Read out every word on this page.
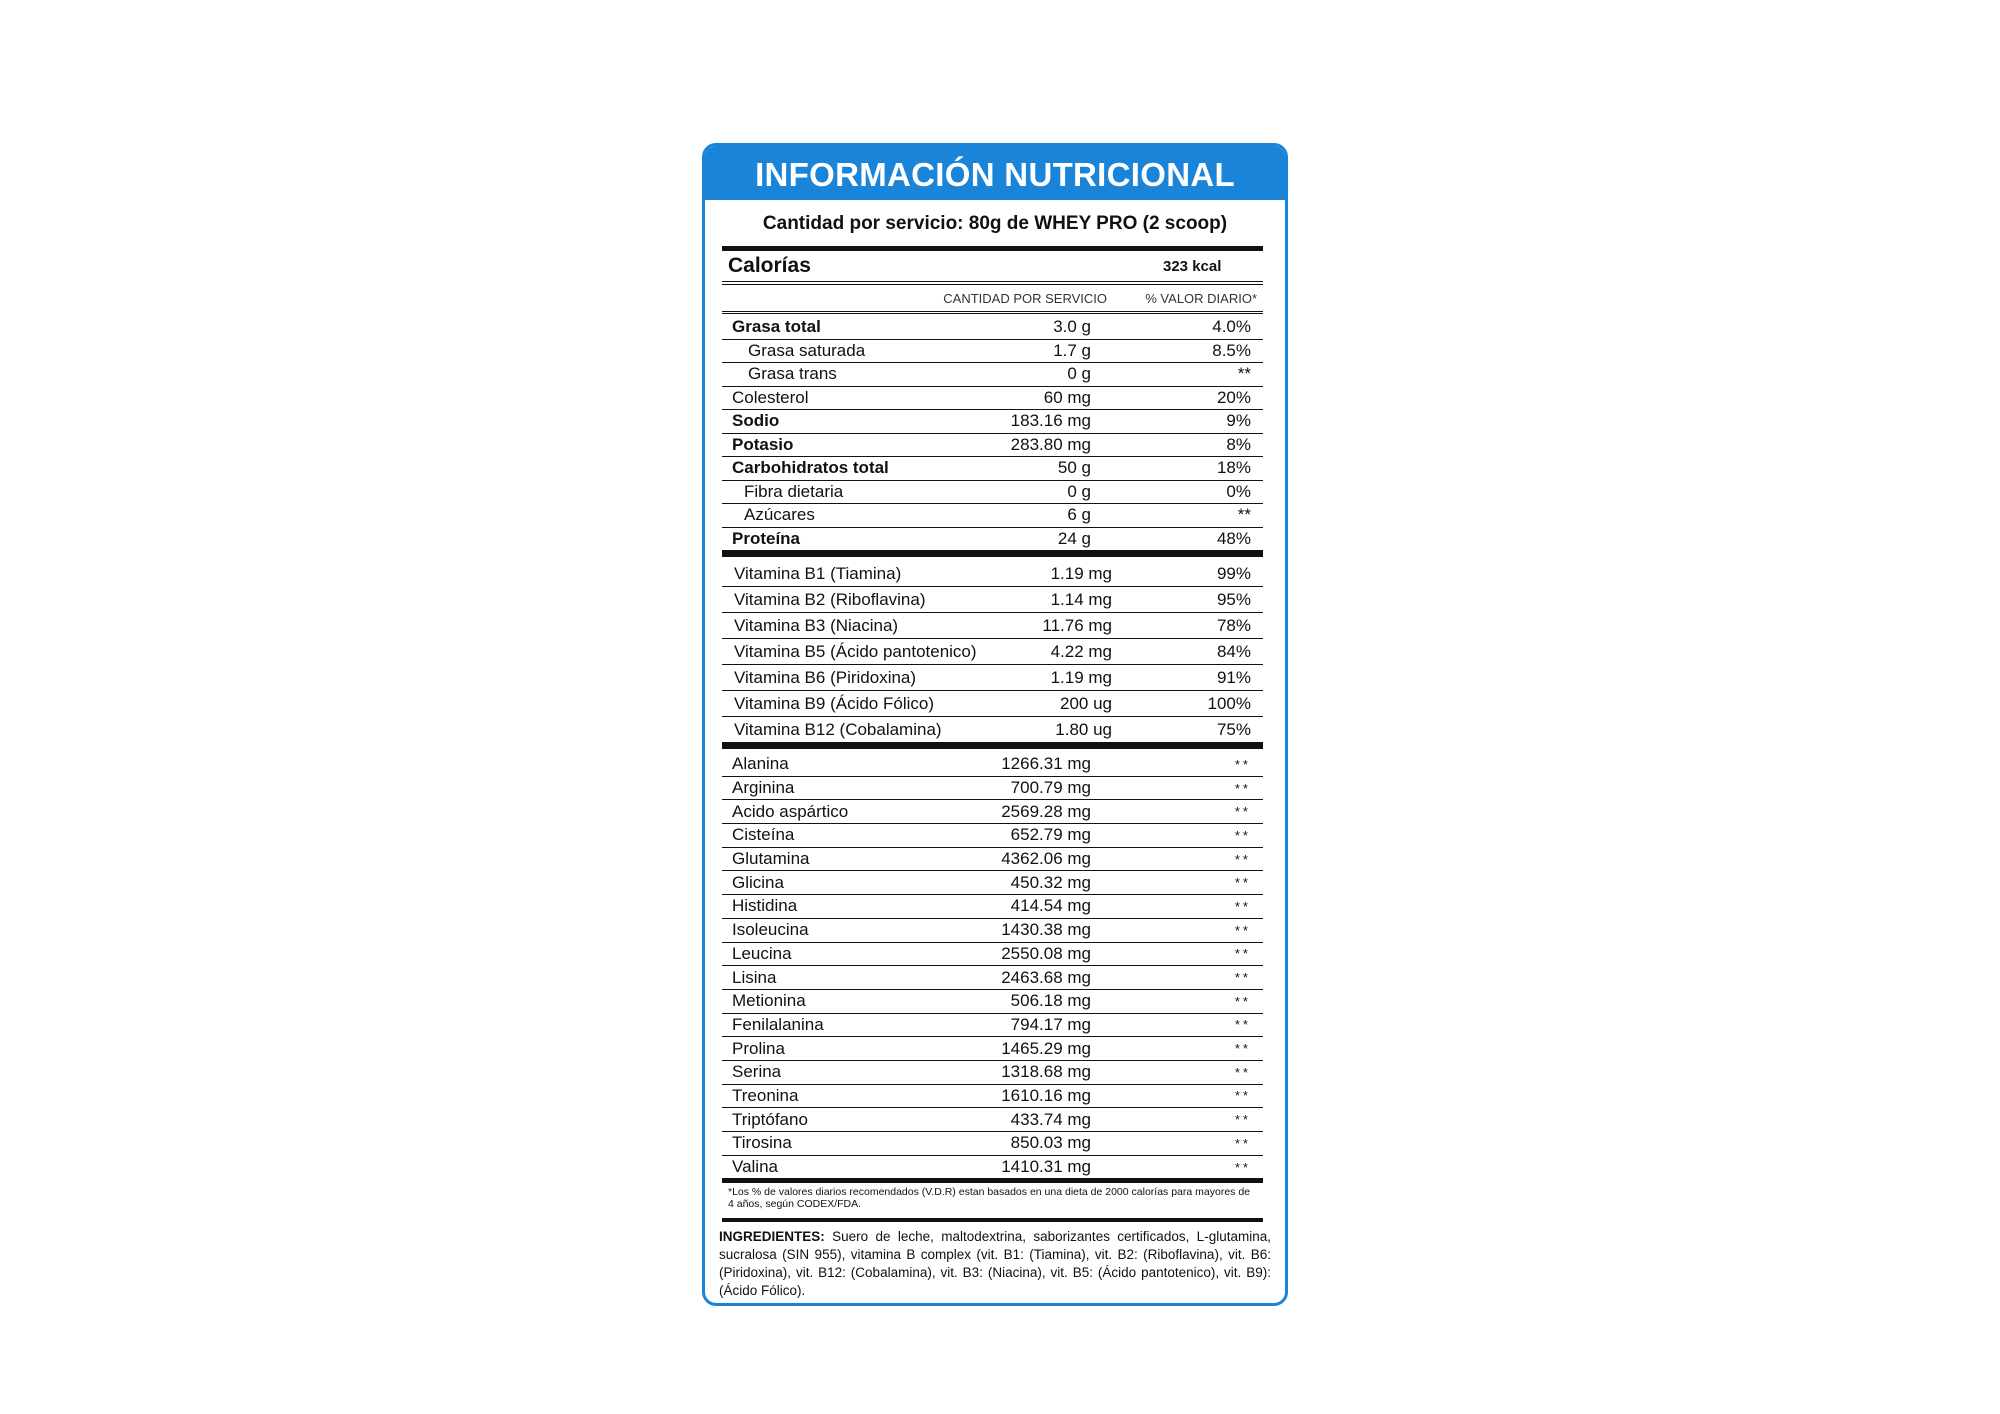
INFORMACIÓN NUTRICIONAL
Cantidad por servicio: 80g de WHEY PRO (2 scoop)
Calorías	323 kcal
CANTIDAD POR SERVICIO	% VALOR DIARIO*
Grasa total	3.0 g	4.0%
Grasa saturada	1.7 g	8.5%
Grasa trans	0 g	**
Colesterol	60 mg	20%
Sodio	183.16 mg	9%
Potasio	283.80 mg	8%
Carbohidratos total	50 g	18%
Fibra dietaria	0 g	0%
Azúcares	6 g	**
Proteína	24 g	48%
Vitamina B1 (Tiamina)	1.19 mg	99%
Vitamina B2 (Riboflavina)	1.14 mg	95%
Vitamina B3 (Niacina)	11.76 mg	78%
Vitamina B5 (Ácido pantotenico)	4.22 mg	84%
Vitamina B6 (Piridoxina)	1.19 mg	91%
Vitamina B9 (Ácido Fólico)	200 ug	100%
Vitamina B12 (Cobalamina)	1.80 ug	75%
Alanina	1266.31 mg	**
Arginina	700.79 mg	**
Acido aspártico	2569.28 mg	**
Cisteína	652.79 mg	**
Glutamina	4362.06 mg	**
Glicina	450.32 mg	**
Histidina	414.54 mg	**
Isoleucina	1430.38 mg	**
Leucina	2550.08 mg	**
Lisina	2463.68 mg	**
Metionina	506.18 mg	**
Fenilalanina	794.17 mg	**
Prolina	1465.29 mg	**
Serina	1318.68 mg	**
Treonina	1610.16 mg	**
Triptófano	433.74 mg	**
Tirosina	850.03 mg	**
Valina	1410.31 mg	**
*Los % de valores diarios recomendados (V.D.R) estan basados en una dieta de 2000 calorías para mayores de 4 años, según CODEX/FDA.
INGREDIENTES: Suero de leche, maltodextrina, saborizantes certificados, L-glutamina, sucralosa (SIN 955), vitamina B complex (vit. B1: (Tiamina), vit. B2: (Riboflavina), vit. B6: (Piridoxina), vit. B12: (Cobalamina), vit. B3: (Niacina), vit. B5: (Ácido pantotenico), vit. B9): (Ácido Fólico).
